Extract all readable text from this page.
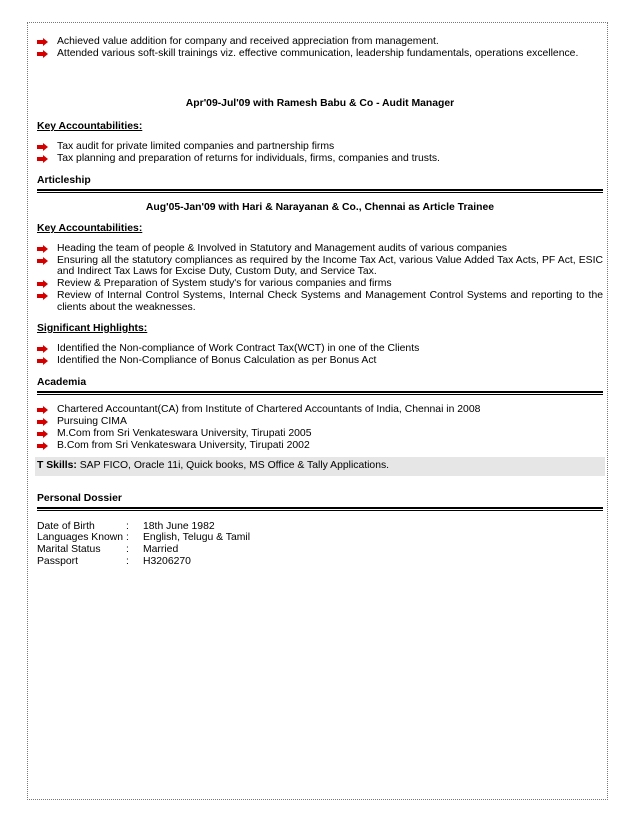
Achieved value addition for company and received appreciation from management.
Attended various soft-skill trainings viz. effective communication, leadership fundamentals, operations excellence.
Apr'09-Jul'09 with Ramesh Babu & Co - Audit Manager
Key Accountabilities:
Tax audit for private limited companies and partnership firms
Tax planning and preparation of returns for individuals, firms, companies and trusts.
Articleship
Aug'05-Jan'09 with Hari & Narayanan & Co., Chennai as Article Trainee
Key Accountabilities:
Heading the team of people & Involved in Statutory and Management audits of various companies
Ensuring all the statutory compliances as required by the Income Tax Act, various Value Added Tax Acts, PF Act, ESIC and Indirect Tax Laws for Excise Duty, Custom Duty, and Service Tax.
Review & Preparation of System study's for various companies and firms
Review of Internal Control Systems, Internal Check Systems and Management Control Systems and reporting to the clients about the weaknesses.
Significant Highlights:
Identified the Non-compliance of Work Contract Tax(WCT) in one of the Clients
Identified the Non-Compliance of Bonus Calculation as per Bonus Act
Academia
Chartered Accountant(CA) from Institute of Chartered Accountants of India, Chennai in 2008
Pursuing CIMA
M.Com from Sri Venkateswara University, Tirupati 2005
B.Com from Sri Venkateswara University, Tirupati 2002
T Skills: SAP FICO, Oracle 11i, Quick books, MS Office & Tally Applications.
Personal Dossier
Date of Birth	:	18th June 1982
Languages Known	:	English, Telugu & Tamil
Marital Status	:	Married
Passport	:	H3206270
